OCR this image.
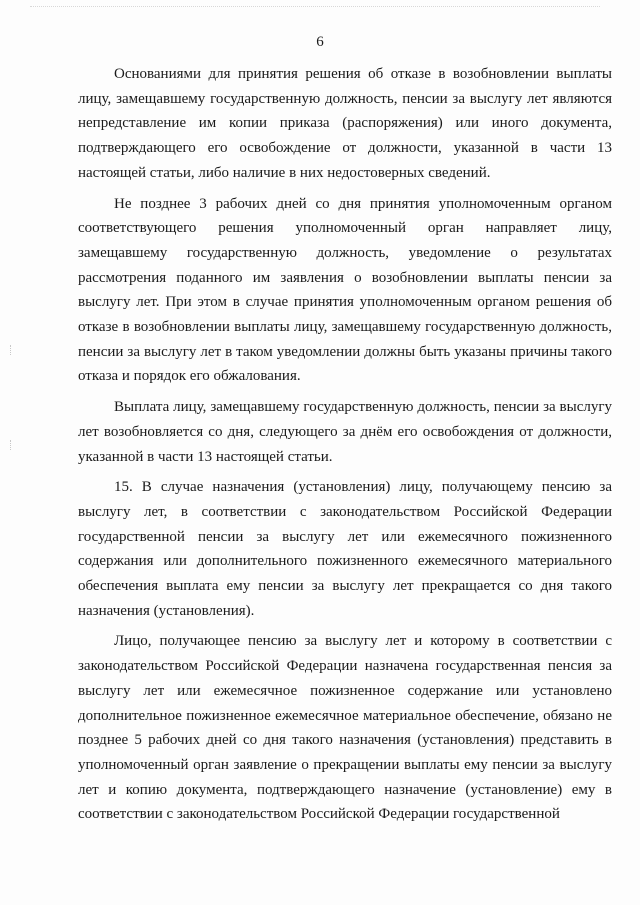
6

Основаниями для принятия решения об отказе в возобновлении выплаты лицу, замещавшему государственную должность, пенсии за выслугу лет являются непредставление им копии приказа (распоряжения) или иного документа, подтверждающего его освобождение от должности, указанной в части 13 настоящей статьи, либо наличие в них недостоверных сведений.

Не позднее 3 рабочих дней со дня принятия уполномоченным органом соответствующего решения уполномоченный орган направляет лицу, замещавшему государственную должность, уведомление о результатах рассмотрения поданного им заявления о возобновлении выплаты пенсии за выслугу лет. При этом в случае принятия уполномоченным органом решения об отказе в возобновлении выплаты лицу, замещавшему государственную должность, пенсии за выслугу лет в таком уведомлении должны быть указаны причины такого отказа и порядок его обжалования.

Выплата лицу, замещавшему государственную должность, пенсии за выслугу лет возобновляется со дня, следующего за днём его освобождения от должности, указанной в части 13 настоящей статьи.

15. В случае назначения (установления) лицу, получающему пенсию за выслугу лет, в соответствии с законодательством Российской Федерации государственной пенсии за выслугу лет или ежемесячного пожизненного содержания или дополнительного пожизненного ежемесячного материального обеспечения выплата ему пенсии за выслугу лет прекращается со дня такого назначения (установления).

Лицо, получающее пенсию за выслугу лет и которому в соответствии с законодательством Российской Федерации назначена государственная пенсия за выслугу лет или ежемесячное пожизненное содержание или установлено дополнительное пожизненное ежемесячное материальное обеспечение, обязано не позднее 5 рабочих дней со дня такого назначения (установления) представить в уполномоченный орган заявление о прекращении выплаты ему пенсии за выслугу лет и копию документа, подтверждающего назначение (установление) ему в соответствии с законодательством Российской Федерации государственной
